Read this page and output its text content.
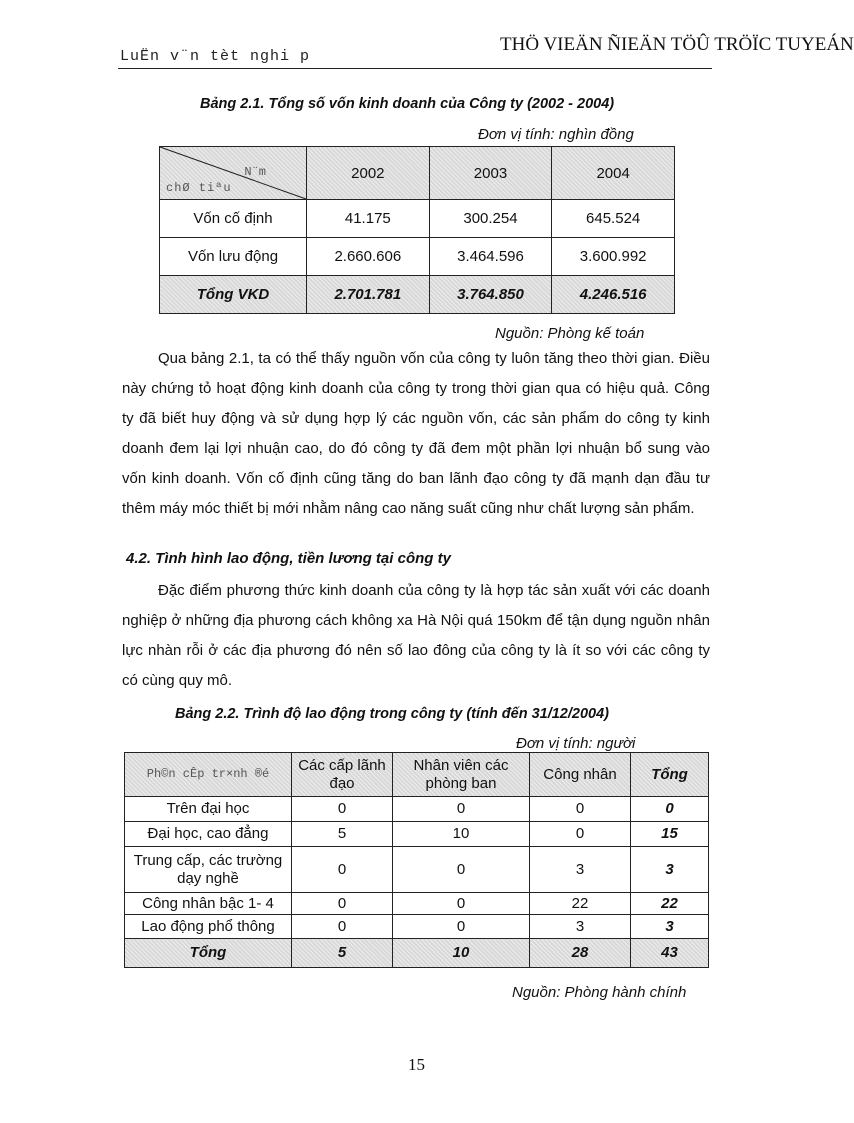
LuËn v¨n tèt nghi p
THÖ VIEÄN ÑIEÄN TÖÛ TRÖÏC TUYEÁN
Bảng 2.1. Tổng số vốn kinh doanh của Công ty (2002 - 2004)
Đơn vị tính: nghìn đồng
N¨m
chØ tiªu	2002	2003	2004
Vốn cố định	41.175	300.254	645.524
Vốn lưu động	2.660.606	3.464.596	3.600.992
Tổng VKD	2.701.781	3.764.850	4.246.516
Nguồn: Phòng kế toán

Qua bảng 2.1, ta có thể thấy nguồn vốn của công ty luôn tăng theo thời gian. Điều này chứng tỏ hoạt động kinh doanh của công ty trong thời gian qua có hiệu quả. Công ty đã biết huy động và sử dụng hợp lý các nguồn vốn, các sản phẩm do công ty kinh doanh đem lại lợi nhuận cao, do đó công ty đã đem một phần lợi nhuận bổ sung vào vốn kinh doanh. Vốn cố định cũng tăng do ban lãnh đạo công ty đã mạnh dạn đầu tư thêm máy móc thiết bị mới nhằm nâng cao năng suất cũng như chất lượng sản phẩm.

4.2. Tình hình lao động, tiền lương tại công ty

Đặc điểm phương thức kinh doanh của công ty là hợp tác sản xuất với các doanh nghiệp ở những địa phương cách không xa Hà Nội quá 150km để tận dụng nguồn nhân lực nhàn rỗi ở các địa phương đó nên số lao đông của công ty là ít so với các công ty có cùng quy mô.

Bảng 2.2. Trình độ lao động trong công ty (tính đến 31/12/2004)
Đơn vị tính: người
Ph©n cÊp tr×nh ®é	Các cấp lãnh đạo	Nhân viên các phòng ban	Công nhân	Tổng
Trên đại học	0	0	0	0
Đại học, cao đẳng	5	10	0	15
Trung cấp, các trường dạy nghề	0	0	3	3
Công nhân bậc 1- 4	0	0	22	22
Lao động phổ thông	0	0	3	3
Tổng	5	10	28	43
Nguồn: Phòng hành chính
15
